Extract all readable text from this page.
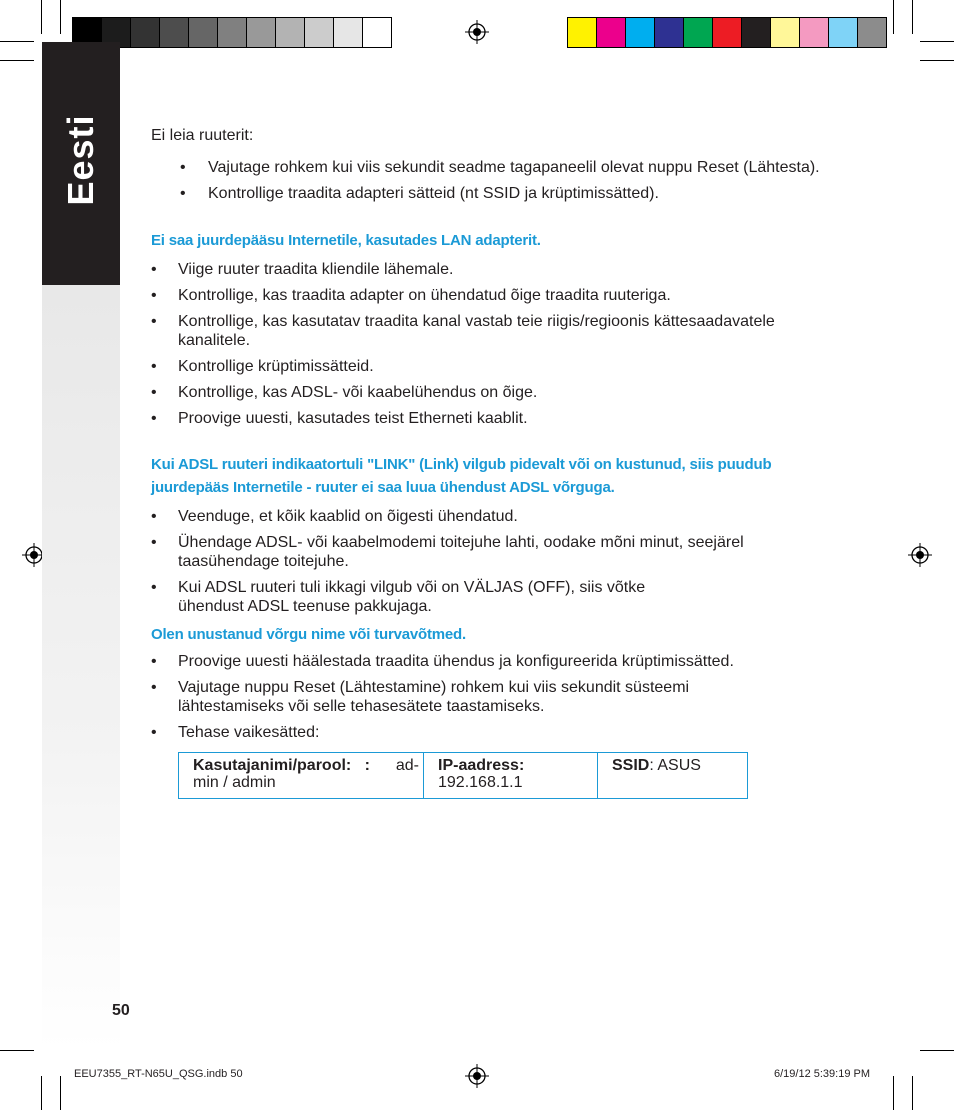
Eesti	Ei leia ruuterit:

• Vajutage rohkem kui viis sekundit seadme tagapaneelil olevat nuppu Reset (Lähtesta).
• Kontrollige traadita adapteri sätteid (nt SSID ja krüptimissätted).

Ei saa juurdepääsu Internetile, kasutades LAN adapterit.

• Viige ruuter traadita kliendile lähemale.
• Kontrollige, kas traadita adapter on ühendatud õige traadita ruuteriga.
• Kontrollige, kas kasutatav traadita kanal vastab teie riigis/regioonis kättesaadavatele kanalitele.
• Kontrollige krüptimissätteid.
• Kontrollige, kas ADSL- või kaabelühendus on õige.
• Proovige uuesti, kasutades teist Etherneti kaablit.

Kui ADSL ruuteri indikaatortuli "LINK" (Link) vilgub pidevalt või on kustunud, siis puudub

juurdepääs Internetile - ruuter ei saa luua ühendust ADSL võrguga.

• Veenduge, et kõik kaablid on õigesti ühendatud.
• Ühendage ADSL- või kaabelmodemi toitejuhe lahti, oodake mõni minut, seejärel taasühendage toitejuhe.
• Kui ADSL ruuteri tuli ikkagi vilgub või on VÄLJAS (OFF), siis võtke ühendust ADSL teenuse pakkujaga.

Olen unustanud võrgu nime või turvavõtmed.

• Proovige uuesti häälestada traadita ühendus ja konfigureerida krüptimissätted.
• Vajutage nuppu Reset (Lähtestamine) rohkem kui viis sekundit süsteemi lähtestamiseks või selle tehasesätete taastamiseks.
• Tehase vaikesätted:
Kasutajanimi/parool:   : ad-
min / admin
IP-aadress:
192.168.1.1
SSID: ASUS
50
EEU7355_RT-N65U_QSG.indb 50	6/19/12 5:39:19 PM
